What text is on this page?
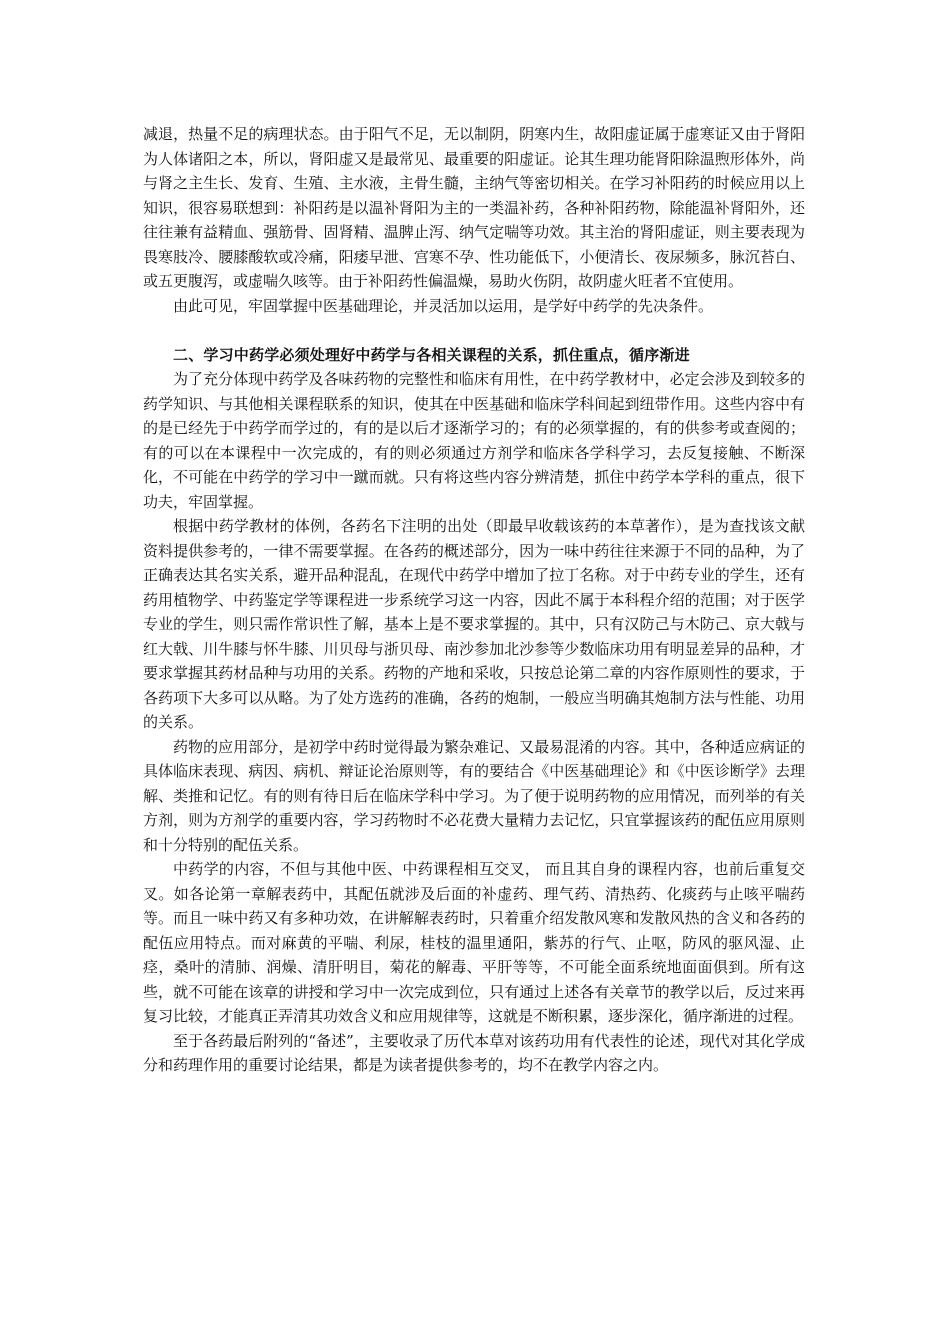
减退，热量不足的病理状态。由于阳气不足，无以制阴，阴寒内生，故阳虚证属于虚寒证又由于肾阳为人体诸阳之本，所以，肾阳虚又是最常见、最重要的阳虚证。论其生理功能肾阳除温煦形体外，尚与肾之主生长、发育、生殖、主水液，主骨生髓，主纳气等密切相关。在学习补阳药的时候应用以上知识，很容易联想到：补阳药是以温补肾阳为主的一类温补药，各种补阳药物，除能温补肾阳外，还往往兼有益精血、强筋骨、固肾精、温脾止泻、纳气定喘等功效。其主治的肾阳虚证，则主要表现为畏寒肢冷、腰膝酸软或冷痛，阳痿早泄、宫寒不孕、性功能低下，小便清长、夜尿频多，脉沉苔白、或五更腹泻，或虚喘久咳等。由于补阳药性偏温燥，易助火伤阴，故阴虚火旺者不宜使用。

由此可见，牢固掌握中医基础理论，并灵活加以运用，是学好中药学的先决条件。

二、学习中药学必须处理好中药学与各相关课程的关系，抓住重点，循序渐进

为了充分体现中药学及各味药物的完整性和临床有用性，在中药学教材中，必定会涉及到较多的药学知识、与其他相关课程联系的知识，使其在中医基础和临床学科间起到纽带作用。这些内容中有的是已经先于中药学而学过的，有的是以后才逐渐学习的；有的必须掌握的，有的供参考或查阅的；有的可以在本课程中一次完成的，有的则必须通过方剂学和临床各学科学习，去反复接触、不断深化，不可能在中药学的学习中一蹴而就。只有将这些内容分辨清楚，抓住中药学本学科的重点，很下功夫，牢固掌握。

根据中药学教材的体例，各药名下注明的出处（即最早收载该药的本草著作），是为查找该文献资料提供参考的，一律不需要掌握。在各药的概述部分，因为一味中药往往来源于不同的品种，为了正确表达其名实关系，避开品种混乱，在现代中药学中增加了拉丁名称。对于中药专业的学生，还有药用植物学、中药鉴定学等课程进一步系统学习这一内容，因此不属于本科程介绍的范围；对于医学专业的学生，则只需作常识性了解，基本上是不要求掌握的。其中，只有汉防己与木防己、京大戟与红大戟、川牛膝与怀牛膝、川贝母与浙贝母、南沙参加北沙参等少数临床功用有明显差异的品种，才要求掌握其药材品种与功用的关系。药物的产地和采收，只按总论第二章的内容作原则性的要求，于各药项下大多可以从略。为了处方选药的准确，各药的炮制，一般应当明确其炮制方法与性能、功用的关系。

药物的应用部分，是初学中药时觉得最为繁杂难记、又最易混淆的内容。其中，各种适应病证的具体临床表现、病因、病机、辩证论治原则等，有的要结合《中医基础理论》和《中医诊断学》去理解、类推和记忆。有的则有待日后在临床学科中学习。为了便于说明药物的应用情况，而列举的有关方剂，则为方剂学的重要内容，学习药物时不必花费大量精力去记忆，只宜掌握该药的配伍应用原则和十分特别的配伍关系。

中药学的内容，不但与其他中医、中药课程相互交叉， 而且其自身的课程内容，也前后重复交叉。如各论第一章解表药中，其配伍就涉及后面的补虚药、理气药、清热药、化痰药与止咳平喘药等。而且一味中药又有多种功效，在讲解解表药时，只着重介绍发散风寒和发散风热的含义和各药的配伍应用特点。而对麻黄的平喘、利尿，桂枝的温里通阳，紫苏的行气、止呕，防风的驱风湿、止痉，桑叶的清肺、润燥、清肝明目，菊花的解毒、平肝等等，不可能全面系统地面面俱到。所有这些，就不可能在该章的讲授和学习中一次完成到位，只有通过上述各有关章节的教学以后，反过来再复习比较，才能真正弄清其功效含义和应用规律等，这就是不断积累，逐步深化，循序渐进的过程。

至于各药最后附列的“备述”，主要收录了历代本草对该药功用有代表性的论述，现代对其化学成分和药理作用的重要讨论结果，都是为读者提供参考的，均不在教学内容之内。
